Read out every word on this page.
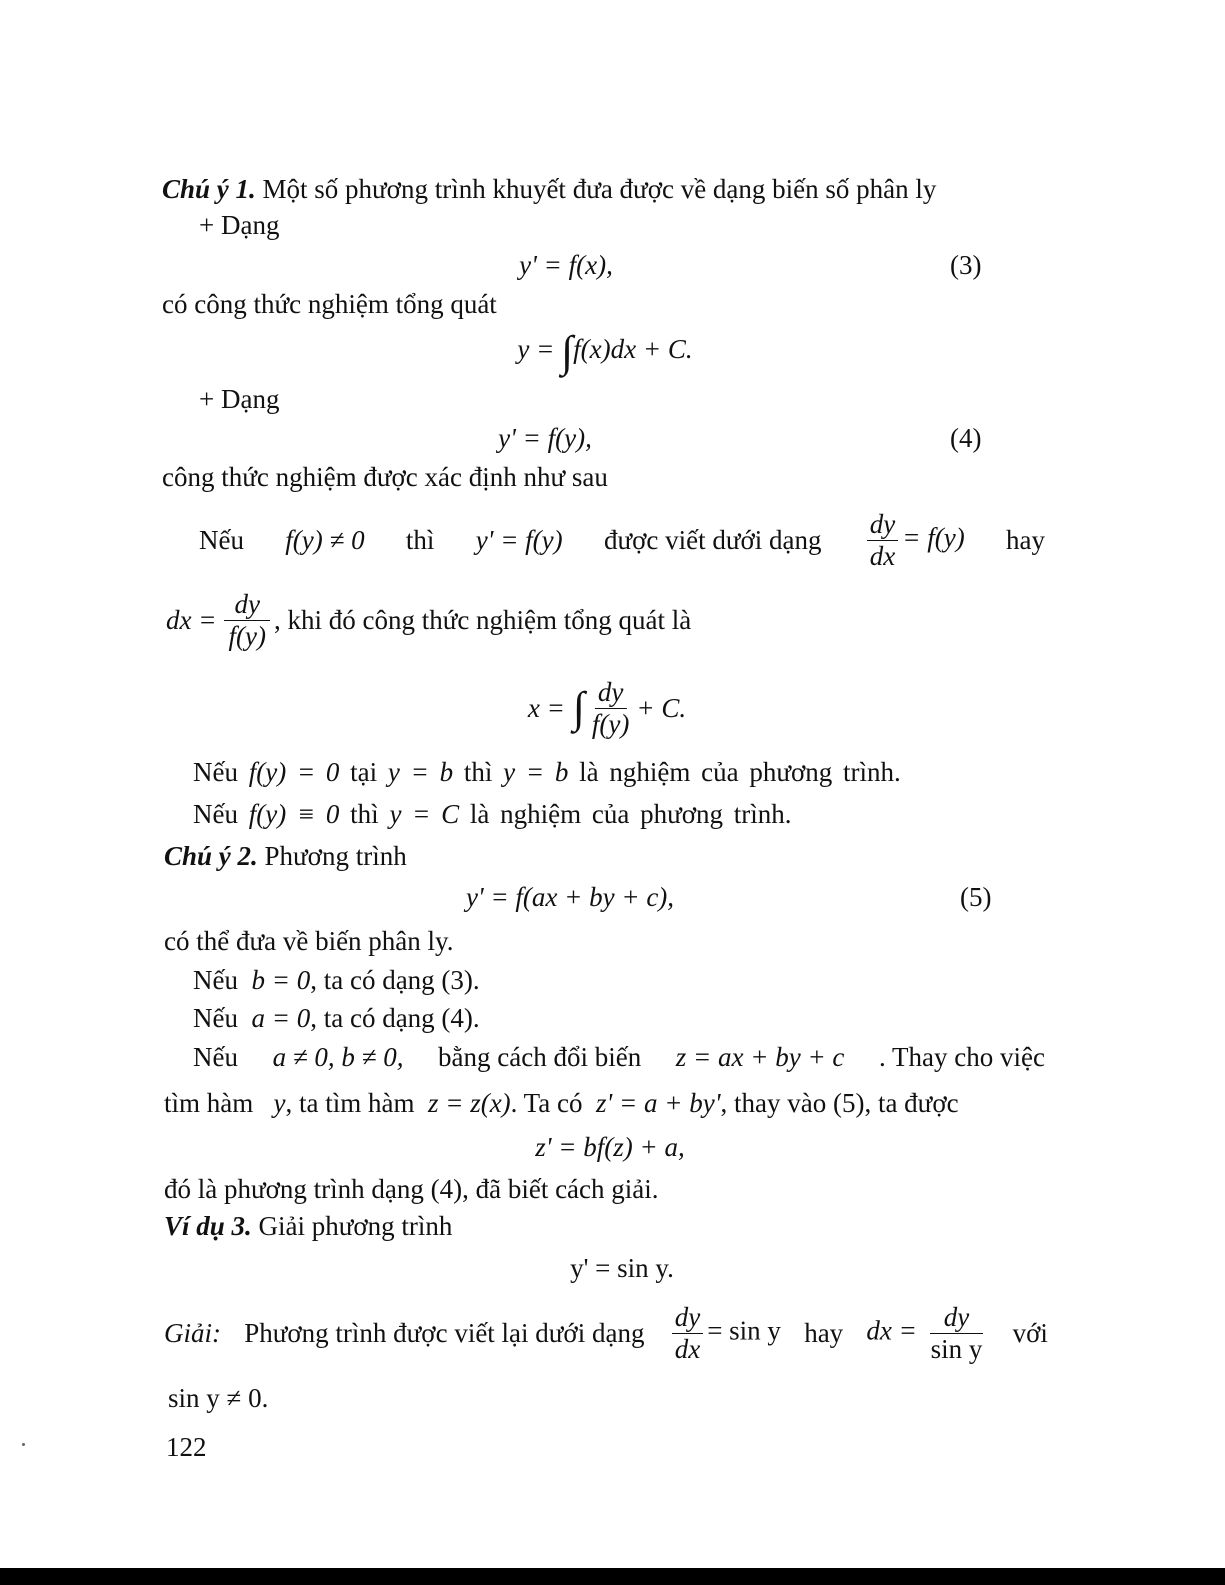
Chú ý 1. Một số phương trình khuyết đưa được về dạng biến số phân ly
+ Dạng
y' = f(x),	(3)
có công thức nghiệm tổng quát
y = ∫f(x)dx + C.
+ Dạng
y' = f(y),	(4)
công thức nghiệm được xác định như sau
Nếu f(y) ≠ 0 thì y' = f(y) được viết dưới dạng $\frac{dy}{dx} = f(y)$ hay
dx = $\frac{dy}{f(y)}$ , khi đó công thức nghiệm tổng quát là
x = ∫ $\frac{dy}{f(y)} + C$.
Nếu f(y) = 0 tại y = b thì y = b là nghiệm của phương trình.
Nếu f(y) ≡ 0 thì y = C là nghiệm của phương trình.
Chú ý 2. Phương trình
y' = f(ax + by + c),	(5)
có thể đưa về biến phân ly.
Nếu b = 0, ta có dạng (3).
Nếu a = 0, ta có dạng (4).
Nếu a ≠ 0, b ≠ 0, bằng cách đổi biến z = ax + by + c . Thay cho việc
tìm hàm y, ta tìm hàm z = z(x). Ta có z' = a + by', thay vào (5), ta được
z' = bf(z) + a,
đó là phương trình dạng (4), đã biết cách giải.
Ví dụ 3. Giải phương trình
y' = sin y.
Giải: Phương trình được viết lại dưới dạng $\frac{dy}{dx} = \sin y$ hay dx = $\frac{dy}{\text{sin y}}$ với
sin y ≠ 0.
122
